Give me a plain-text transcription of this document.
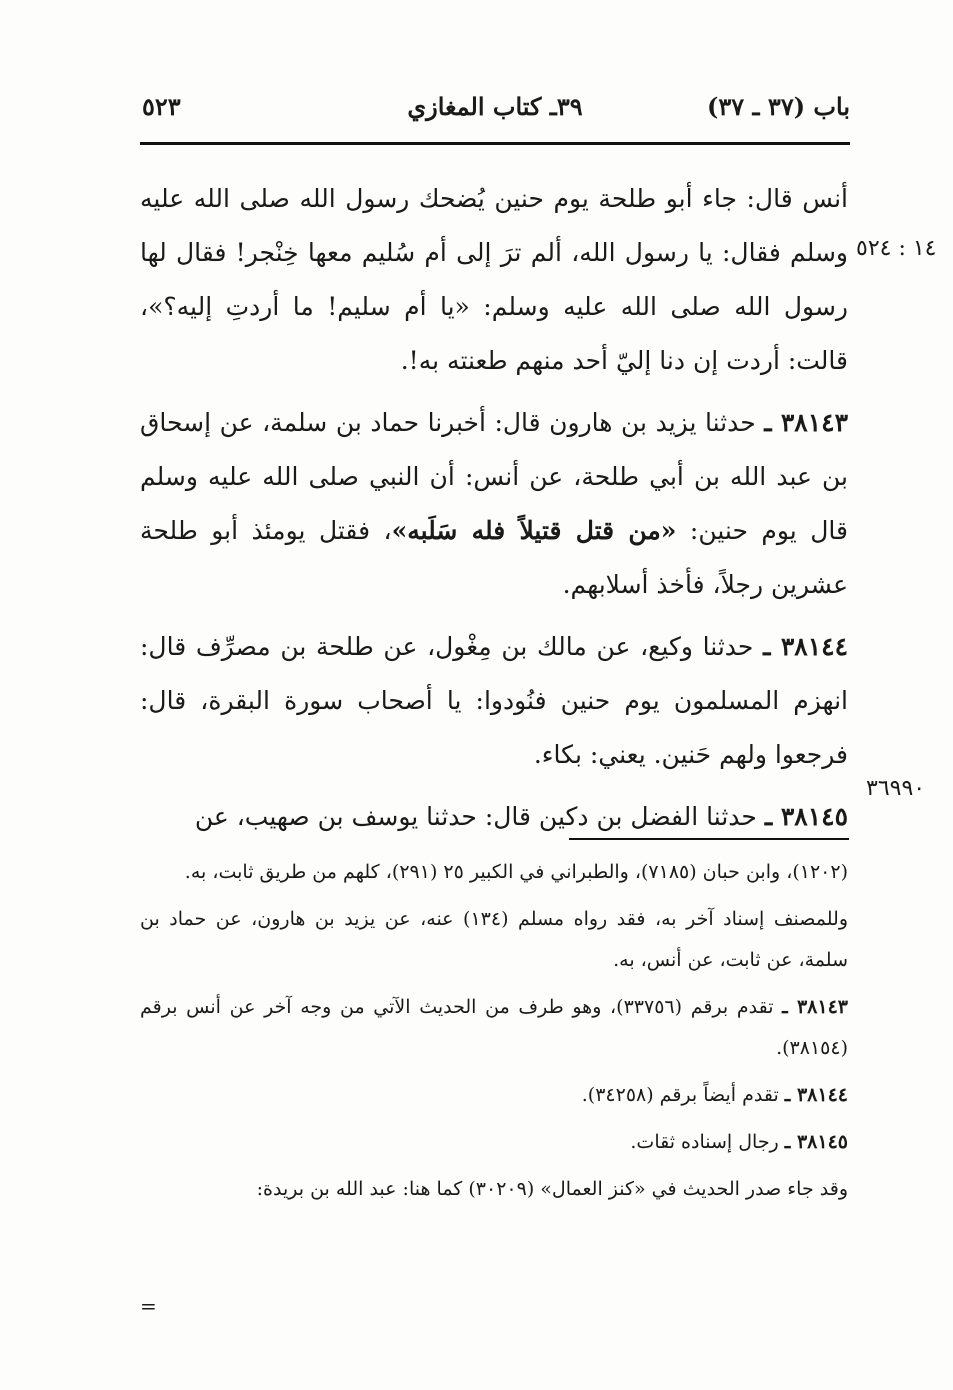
باب (٣٧ ـ ٣٧)
٣٩ـ كتاب المغازي
٥٢٣
١٤ : ٥٢٤
٣٦٩٩٠

أنس قال: جاء أبو طلحة يوم حنين يُضحك رسول الله صلى الله عليه وسلم فقال: يا رسول الله، ألم ترَ إلى أم سُليم معها خِنْجر! فقال لها رسول الله صلى الله عليه وسلم: «يا أم سليم! ما أردتِ إليه؟»، قالت: أردت إن دنا إليّ أحد منهم طعنته به!.

٣٨١٤٣ ـ حدثنا يزيد بن هارون قال: أخبرنا حماد بن سلمة، عن إسحاق بن عبد الله بن أبي طلحة، عن أنس: أن النبي صلى الله عليه وسلم قال يوم حنين: «من قتل قتيلاً فله سَلَبه»، فقتل يومئذ أبو طلحة عشرين رجلاً، فأخذ أسلابهم.

٣٨١٤٤ ـ حدثنا وكيع، عن مالك بن مِغْول، عن طلحة بن مصرِّف قال: انهزم المسلمون يوم حنين فنُودوا: يا أصحاب سورة البقرة، قال: فرجعوا ولهم حَنين. يعني: بكاء.

٣٨١٤٥ ـ حدثنا الفضل بن دكين قال: حدثنا يوسف بن صهيب، عن

(١٢٠٢)، وابن حبان (٧١٨٥)، والطبراني في الكبير ٢٥ (٢٩١)، كلهم من طريق ثابت، به.

وللمصنف إسناد آخر به، فقد رواه مسلم (١٣٤) عنه، عن يزيد بن هارون، عن حماد بن سلمة، عن ثابت، عن أنس، به.

٣٨١٤٣ ـ تقدم برقم (٣٣٧٥٦)، وهو طرف من الحديث الآتي من وجه آخر عن أنس برقم (٣٨١٥٤).

٣٨١٤٤ ـ تقدم أيضاً برقم (٣٤٢٥٨).

٣٨١٤٥ ـ رجال إسناده ثقات.

وقد جاء صدر الحديث في «كنز العمال» (٣٠٢٠٩) كما هنا: عبد الله بن بريدة:

=
